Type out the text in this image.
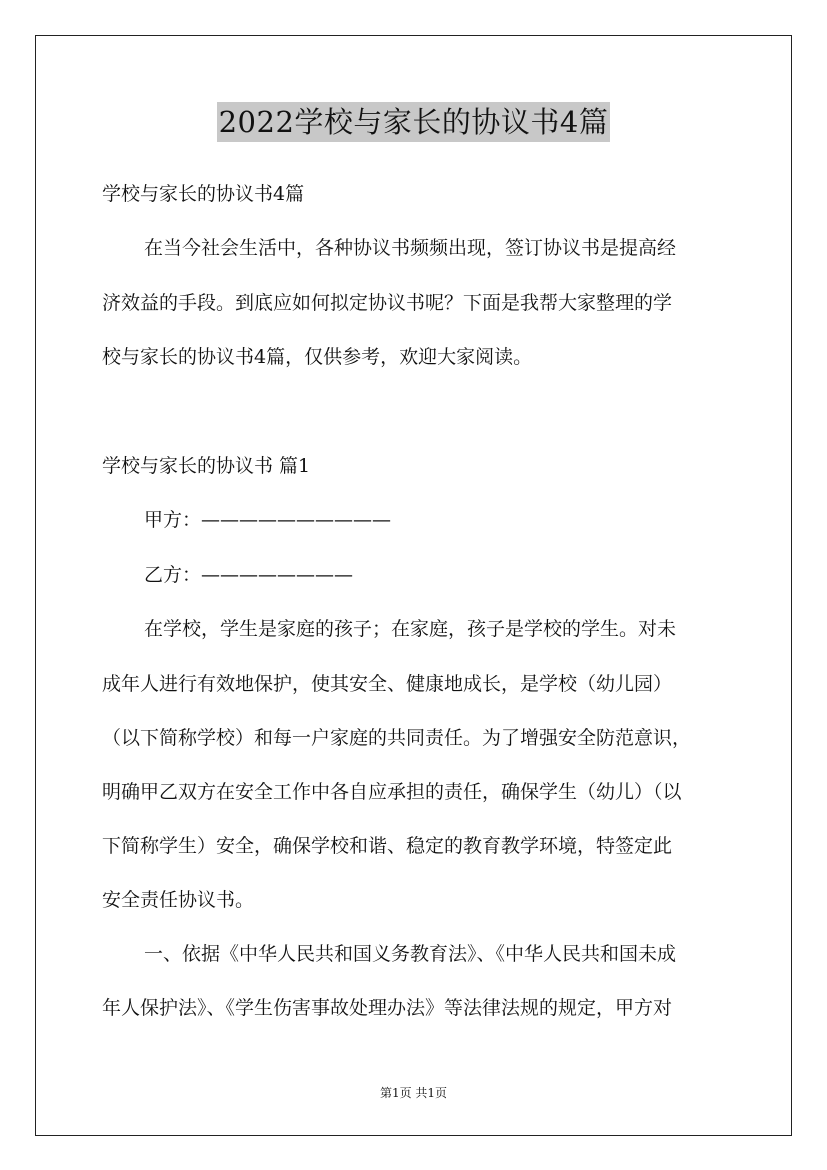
2022学校与家长的协议书4篇

学校与家长的协议书4篇

在当今社会生活中，各种协议书频频出现，签订协议书是提高经

济效益的手段。到底应如何拟定协议书呢？下面是我帮大家整理的学

校与家长的协议书4篇，仅供参考，欢迎大家阅读。

学校与家长的协议书 篇1

甲方：——————————

乙方：————————

在学校，学生是家庭的孩子；在家庭，孩子是学校的学生。对未

成年人进行有效地保护，使其安全、健康地成长，是学校（幼儿园）

（以下简称学校）和每一户家庭的共同责任。为了增强安全防范意识，

明确甲乙双方在安全工作中各自应承担的责任，确保学生（幼儿）（以

下简称学生）安全，确保学校和谐、稳定的教育教学环境，特签定此

安全责任协议书。

一、依据《中华人民共和国义务教育法》、《中华人民共和国未成

年人保护法》、《学生伤害事故处理办法》等法律法规的规定，甲方对

第1页 共1页
